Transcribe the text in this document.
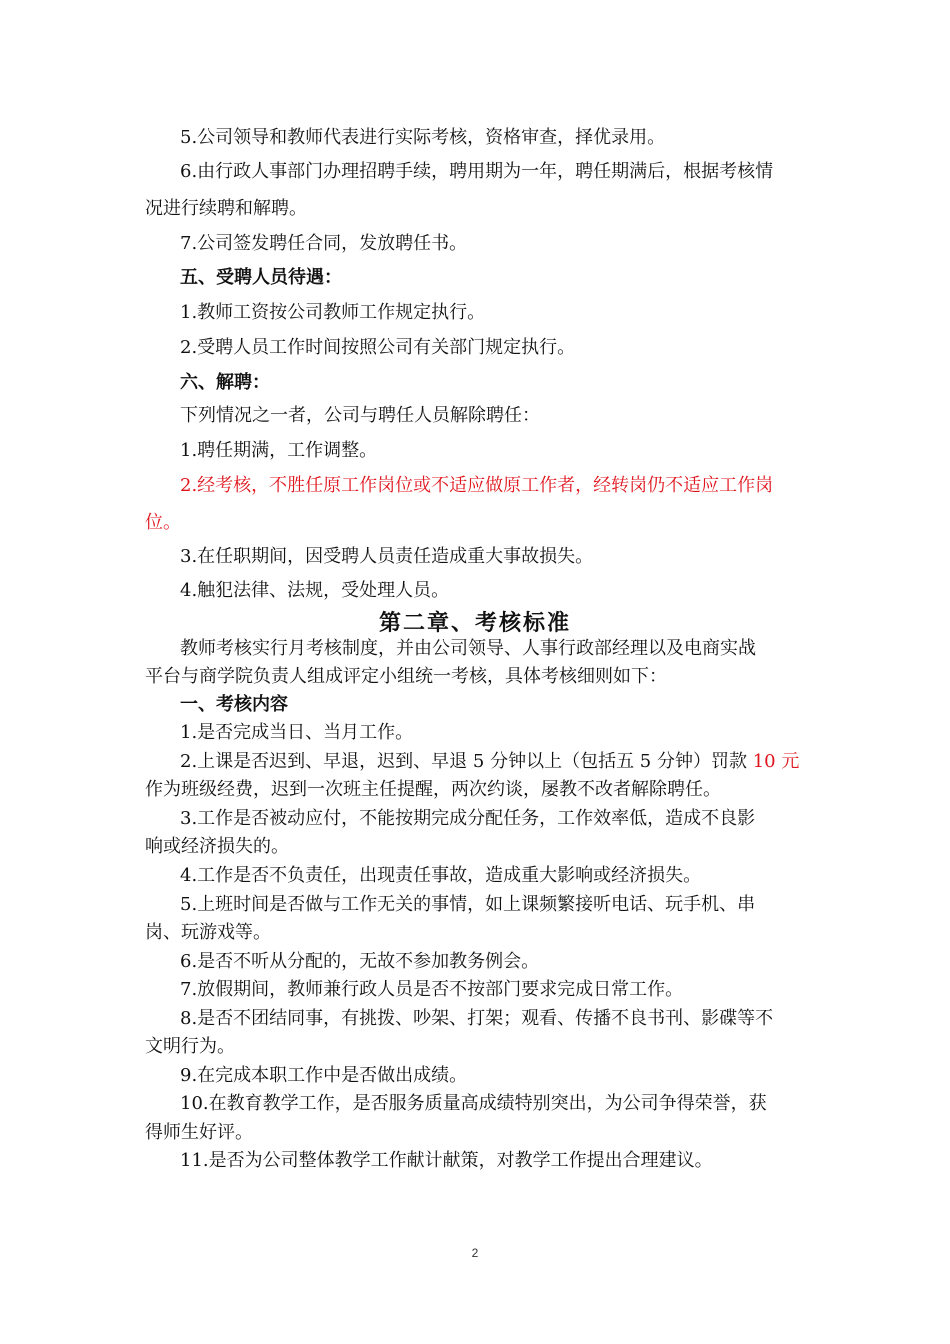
5.公司领导和教师代表进行实际考核，资格审查，择优录用。
6.由行政人事部门办理招聘手续，聘用期为一年，聘任期满后，根据考核情
况进行续聘和解聘。
7.公司签发聘任合同，发放聘任书。
五、受聘人员待遇：
1.教师工资按公司教师工作规定执行。
2.受聘人员工作时间按照公司有关部门规定执行。
六、解聘：
下列情况之一者，公司与聘任人员解除聘任：
1.聘任期满，工作调整。
2.经考核，不胜任原工作岗位或不适应做原工作者，经转岗仍不适应工作岗
位。
3.在任职期间，因受聘人员责任造成重大事故损失。
4.触犯法律、法规，受处理人员。
第二章、考核标准
教师考核实行月考核制度，并由公司领导、人事行政部经理以及电商实战
平台与商学院负责人组成评定小组统一考核，具体考核细则如下：
一、考核内容
1.是否完成当日、当月工作。
2.上课是否迟到、早退，迟到、早退 5 分钟以上（包括五 5 分钟）罚款 10 元
作为班级经费，迟到一次班主任提醒，两次约谈，屡教不改者解除聘任。
3.工作是否被动应付，不能按期完成分配任务，工作效率低，造成不良影
响或经济损失的。
4.工作是否不负责任，出现责任事故，造成重大影响或经济损失。
5.上班时间是否做与工作无关的事情，如上课频繁接听电话、玩手机、串
岗、玩游戏等。
6.是否不听从分配的，无故不参加教务例会。
7.放假期间，教师兼行政人员是否不按部门要求完成日常工作。
8.是否不团结同事，有挑拨、吵架、打架；观看、传播不良书刊、影碟等不
文明行为。
9.在完成本职工作中是否做出成绩。
10.在教育教学工作，是否服务质量高成绩特别突出，为公司争得荣誉，获
得师生好评。
11.是否为公司整体教学工作献计献策，对教学工作提出合理建议。
2
